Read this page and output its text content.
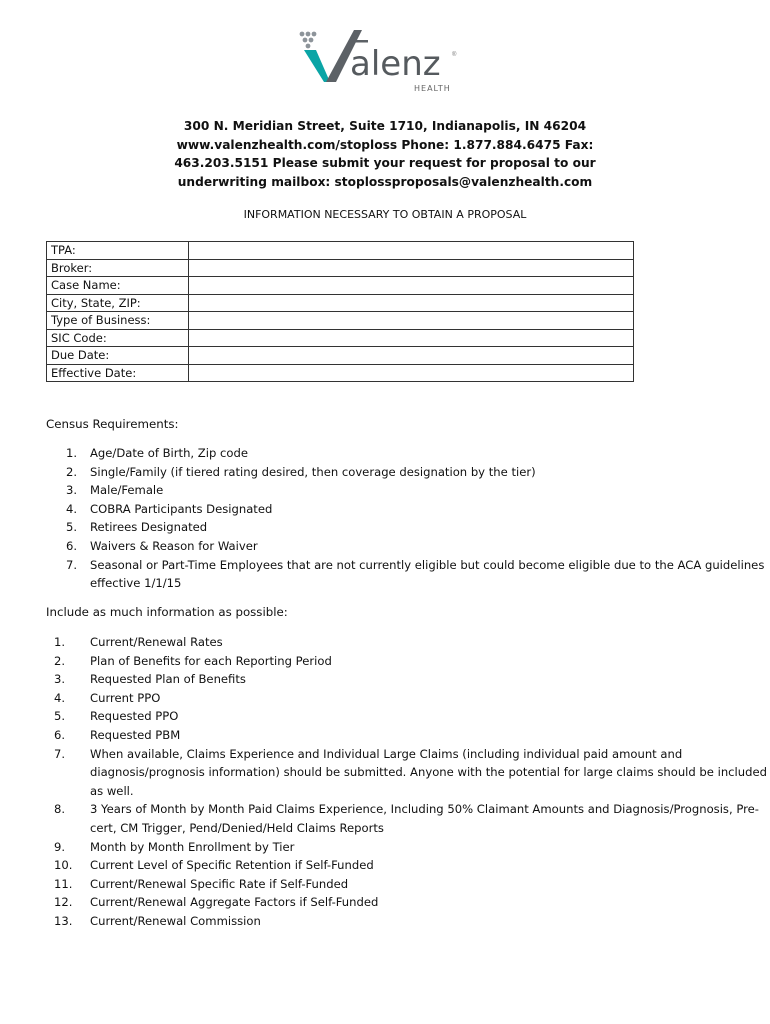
alenz
HEALTH
®
300 N. Meridian Street, Suite 1710, Indianapolis, IN 46204
www.valenzhealth.com/stoploss Phone: 1.877.884.6475 Fax:
463.203.5151 Please submit your request for proposal to our
underwriting mailbox: stoplossproposals@valenzhealth.com
INFORMATION NECESSARY TO OBTAIN A PROPOSAL
TPA:	
Broker:	
Case Name:	
City, State, ZIP:	
Type of Business:	
SIC Code:	
Due Date:	
Effective Date:	
Census Requirements:
1.	Age/Date of Birth, Zip code
2.	Single/Family (if tiered rating desired, then coverage designation by the tier)
3.	Male/Female
4.	COBRA Participants Designated
5.	Retirees Designated
6.	Waivers & Reason for Waiver
7.	Seasonal or Part-Time Employees that are not currently eligible but could become eligible due to the ACA guidelines effective 1/1/15
Include as much information as possible:
1.	Current/Renewal Rates
2.	Plan of Benefits for each Reporting Period
3.	Requested Plan of Benefits
4.	Current PPO
5.	Requested PPO
6.	Requested PBM
7.	When available, Claims Experience and Individual Large Claims (including individual paid amount and diagnosis/prognosis information) should be submitted. Anyone with the potential for large claims should be included as well.
8.	3 Years of Month by Month Paid Claims Experience, Including 50% Claimant Amounts and Diagnosis/Prognosis, Pre-cert, CM Trigger, Pend/Denied/Held Claims Reports
9.	Month by Month Enrollment by Tier
10.	Current Level of Specific Retention if Self-Funded
11.	Current/Renewal Specific Rate if Self-Funded
12.	Current/Renewal Aggregate Factors if Self-Funded
13.	Current/Renewal Commission
